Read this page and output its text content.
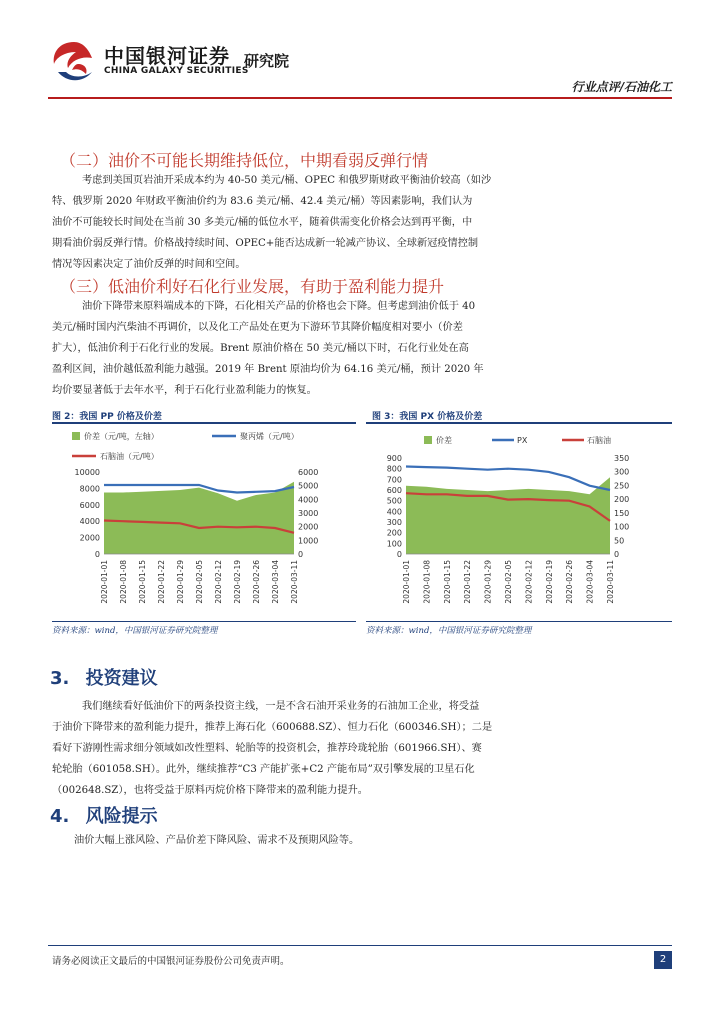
中国银河证券
CHINA GALAXY SECURITIES
研究院
行业点评/石油化工
（二）油价不可能长期维持低位，中期看弱反弹行情

考虑到美国页岩油开采成本约为 40-50 美元/桶、OPEC 和俄罗斯财政平衡油价较高（如沙

特、俄罗斯 2020 年财政平衡油价约为 83.6 美元/桶、42.4 美元/桶）等因素影响，我们认为

油价不可能较长时间处在当前 30 多美元/桶的低位水平，随着供需变化价格会达到再平衡，中

期看油价弱反弹行情。价格战持续时间、OPEC+能否达成新一轮减产协议、全球新冠疫情控制

情况等因素决定了油价反弹的时间和空间。

（三）低油价利好石化行业发展，有助于盈利能力提升

油价下降带来原料端成本的下降，石化相关产品的价格也会下降。但考虑到油价低于 40

美元/桶时国内汽柴油不再调价，以及化工产品处在更为下游环节其降价幅度相对要小（价差

扩大），低油价利于石化行业的发展。Brent 原油价格在 50 美元/桶以下时，石化行业处在高

盈利区间，油价越低盈利能力越强。2019 年 Brent 原油均价为 64.16 美元/桶，预计 2020 年

均价要显著低于去年水平，利于石化行业盈利能力的恢复。

图 2：我国 PP 价格及价差
价差（元/吨，左轴）	聚丙烯（元/吨）
石脑油（元/吨）
0
2000
4000
6000
8000
10000
0
1000
2000
3000
4000
5000
6000
2020-01-01 2020-01-08 2020-01-15 2020-01-22 2020-01-29 2020-02-05 2020-02-12 2020-02-19 2020-02-26 2020-03-04 2020-03-11
资料来源：wind，中国银河证券研究院整理
图 3：我国 PX 价格及价差
价差	PX	石脑油
0
100
200
300
400
500
600
700
800
900
0
50
100
150
200
250
300
350
2020-01-01 2020-01-08 2020-01-15 2020-01-22 2020-01-29 2020-02-05 2020-02-12 2020-02-19 2020-02-26 2020-03-04 2020-03-11
资料来源：wind，中国银河证券研究院整理
3. 投资建议

我们继续看好低油价下的两条投资主线，一是不含石油开采业务的石油加工企业，将受益

于油价下降带来的盈利能力提升，推荐上海石化（600688.SZ）、恒力石化（600346.SH）；二是

看好下游刚性需求细分领域如改性塑料、轮胎等的投资机会，推荐玲珑轮胎（601966.SH）、赛

轮轮胎（601058.SH）。此外，继续推荐“C3 产能扩张+C2 产能布局”双引擎发展的卫星石化

（002648.SZ），也将受益于原料丙烷价格下降带来的盈利能力提升。

4. 风险提示

油价大幅上涨风险、产品价差下降风险、需求不及预期风险等。

请务必阅读正文最后的中国银河证券股份公司免责声明。	2
